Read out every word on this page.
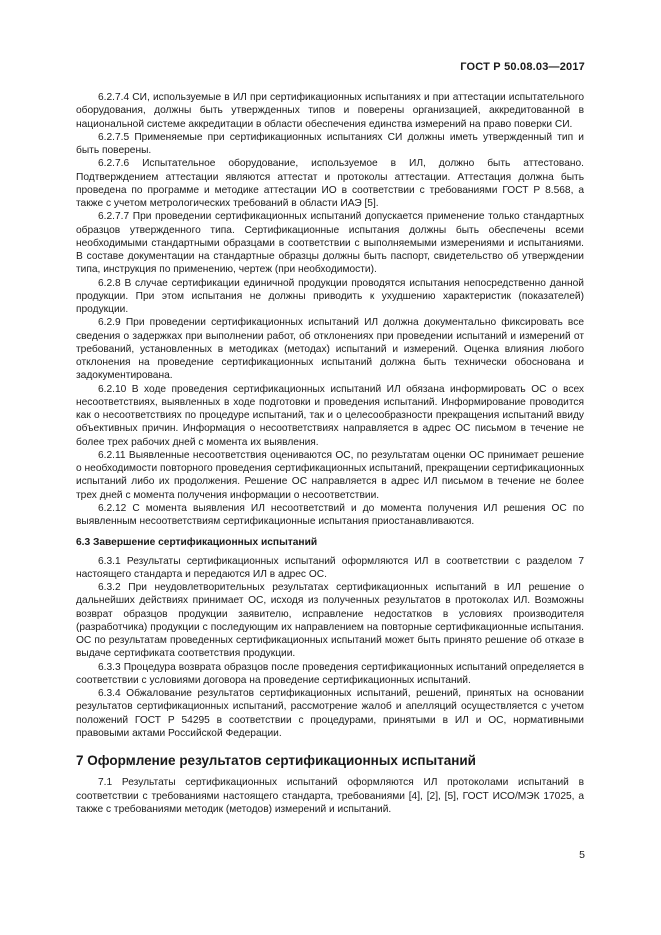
ГОСТ Р 50.08.03—2017

6.2.7.4 СИ, используемые в ИЛ при сертификационных испытаниях и при аттестации испытательного оборудования, должны быть утвержденных типов и поверены организацией, аккредитованной в национальной системе аккредитации в области обеспечения единства измерений на право поверки СИ.

6.2.7.5 Применяемые при сертификационных испытаниях СИ должны иметь утвержденный тип и быть поверены.

6.2.7.6 Испытательное оборудование, используемое в ИЛ, должно быть аттестовано. Подтверждением аттестации являются аттестат и протоколы аттестации. Аттестация должна быть проведена по программе и методике аттестации ИО в соответствии с требованиями ГОСТ Р 8.568, а также с учетом метрологических требований в области ИАЭ [5].

6.2.7.7 При проведении сертификационных испытаний допускается применение только стандартных образцов утвержденного типа. Сертификационные испытания должны быть обеспечены всеми необходимыми стандартными образцами в соответствии с выполняемыми измерениями и испытаниями. В составе документации на стандартные образцы должны быть паспорт, свидетельство об утверждении типа, инструкция по применению, чертеж (при необходимости).

6.2.8 В случае сертификации единичной продукции проводятся испытания непосредственно данной продукции. При этом испытания не должны приводить к ухудшению характеристик (показателей) продукции.

6.2.9 При проведении сертификационных испытаний ИЛ должна документально фиксировать все сведения о задержках при выполнении работ, об отклонениях при проведении испытаний и измерений от требований, установленных в методиках (методах) испытаний и измерений. Оценка влияния любого отклонения на проведение сертификационных испытаний должна быть технически обоснована и задокументирована.

6.2.10 В ходе проведения сертификационных испытаний ИЛ обязана информировать ОС о всех несоответствиях, выявленных в ходе подготовки и проведения испытаний. Информирование проводится как о несоответствиях по процедуре испытаний, так и о целесообразности прекращения испытаний ввиду объективных причин. Информация о несоответствиях направляется в адрес ОС письмом в течение не более трех рабочих дней с момента их выявления.

6.2.11 Выявленные несоответствия оцениваются ОС, по результатам оценки ОС принимает решение о необходимости повторного проведения сертификационных испытаний, прекращении сертификационных испытаний либо их продолжения. Решение ОС направляется в адрес ИЛ письмом в течение не более трех дней с момента получения информации о несоответствии.

6.2.12 С момента выявления ИЛ несоответствий и до момента получения ИЛ решения ОС по выявленным несоответствиям сертификационные испытания приостанавливаются.

6.3 Завершение сертификационных испытаний

6.3.1 Результаты сертификационных испытаний оформляются ИЛ в соответствии с разделом 7 настоящего стандарта и передаются ИЛ в адрес ОС.

6.3.2 При неудовлетворительных результатах сертификационных испытаний в ИЛ решение о дальнейших действиях принимает ОС, исходя из полученных результатов в протоколах ИЛ. Возможны возврат образцов продукции заявителю, исправление недостатков в условиях производителя (разработчика) продукции с последующим их направлением на повторные сертификационные испытания. ОС по результатам проведенных сертификационных испытаний может быть принято решение об отказе в выдаче сертификата соответствия продукции.

6.3.3 Процедура возврата образцов после проведения сертификационных испытаний определяется в соответствии с условиями договора на проведение сертификационных испытаний.

6.3.4 Обжалование результатов сертификационных испытаний, решений, принятых на основании результатов сертификационных испытаний, рассмотрение жалоб и апелляций осуществляется с учетом положений ГОСТ Р 54295 в соответствии с процедурами, принятыми в ИЛ и ОС, нормативными правовыми актами Российской Федерации.

7 Оформление результатов сертификационных испытаний

7.1 Результаты сертификационных испытаний оформляются ИЛ протоколами испытаний в соответствии с требованиями настоящего стандарта, требованиями [4], [2], [5], ГОСТ ИСО/МЭК 17025, а также с требованиями методик (методов) измерений и испытаний.

5
